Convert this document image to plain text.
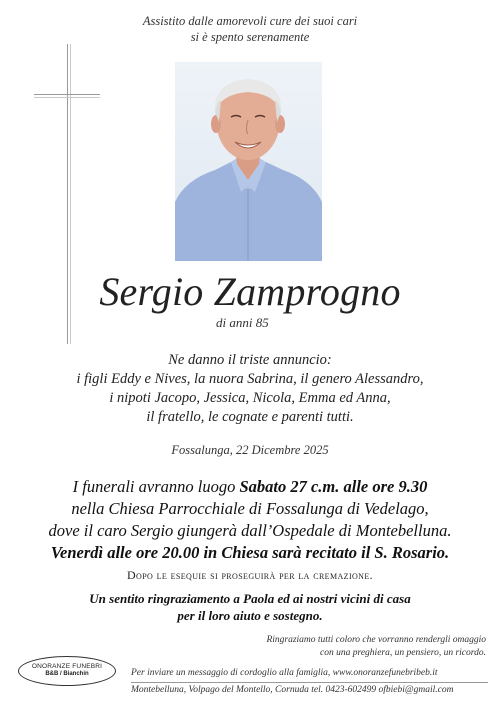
Assistito dalle amorevoli cure dei suoi cari
si è spento serenamente
Sergio Zamprogno
di anni 85
Ne danno il triste annuncio:
i figli Eddy e Nives, la nuora Sabrina, il genero Alessandro,
i nipoti Jacopo, Jessica, Nicola, Emma ed Anna,
il fratello, le cognate e parenti tutti.
Fossalunga, 22 Dicembre 2025
I funerali avranno luogo Sabato 27 c.m. alle ore 9.30
nella Chiesa Parrocchiale di Fossalunga di Vedelago,
dove il caro Sergio giungerà dall’Ospedale di Montebelluna.
Venerdì alle ore 20.00 in Chiesa sarà recitato il S. Rosario.
Dopo le esequie si proseguirà per la cremazione.
Un sentito ringraziamento a Paola ed ai nostri vicini di casa
per il loro aiuto e sostegno.
Ringraziamo tutti coloro che vorranno rendergli omaggio
con una preghiera, un pensiero, un ricordo.
ONORANZE FUNEBRI
B&B / Bianchin	Per inviare un messaggio di cordoglio alla famiglia, www.onoranzefunebribeb.it
Montebelluna, Volpago del Montello, Cornuda tel. 0423-602499 ofbiebi@gmail.com
